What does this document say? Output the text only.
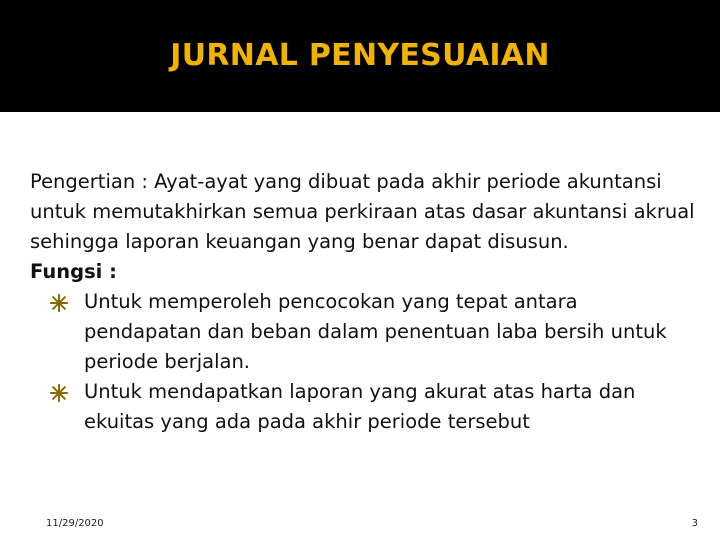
JURNAL PENYESUAIAN

Pengertian : Ayat-ayat yang dibuat pada akhir periode akuntansi untuk memutakhirkan semua perkiraan atas dasar akuntansi akrual sehingga laporan keuangan yang benar dapat disusun.

Fungsi :

Untuk memperoleh pencocokan yang tepat antara pendapatan dan beban dalam penentuan laba bersih untuk periode berjalan.
Untuk mendapatkan laporan yang akurat atas harta dan ekuitas yang ada pada akhir periode tersebut
11/29/2020	3
